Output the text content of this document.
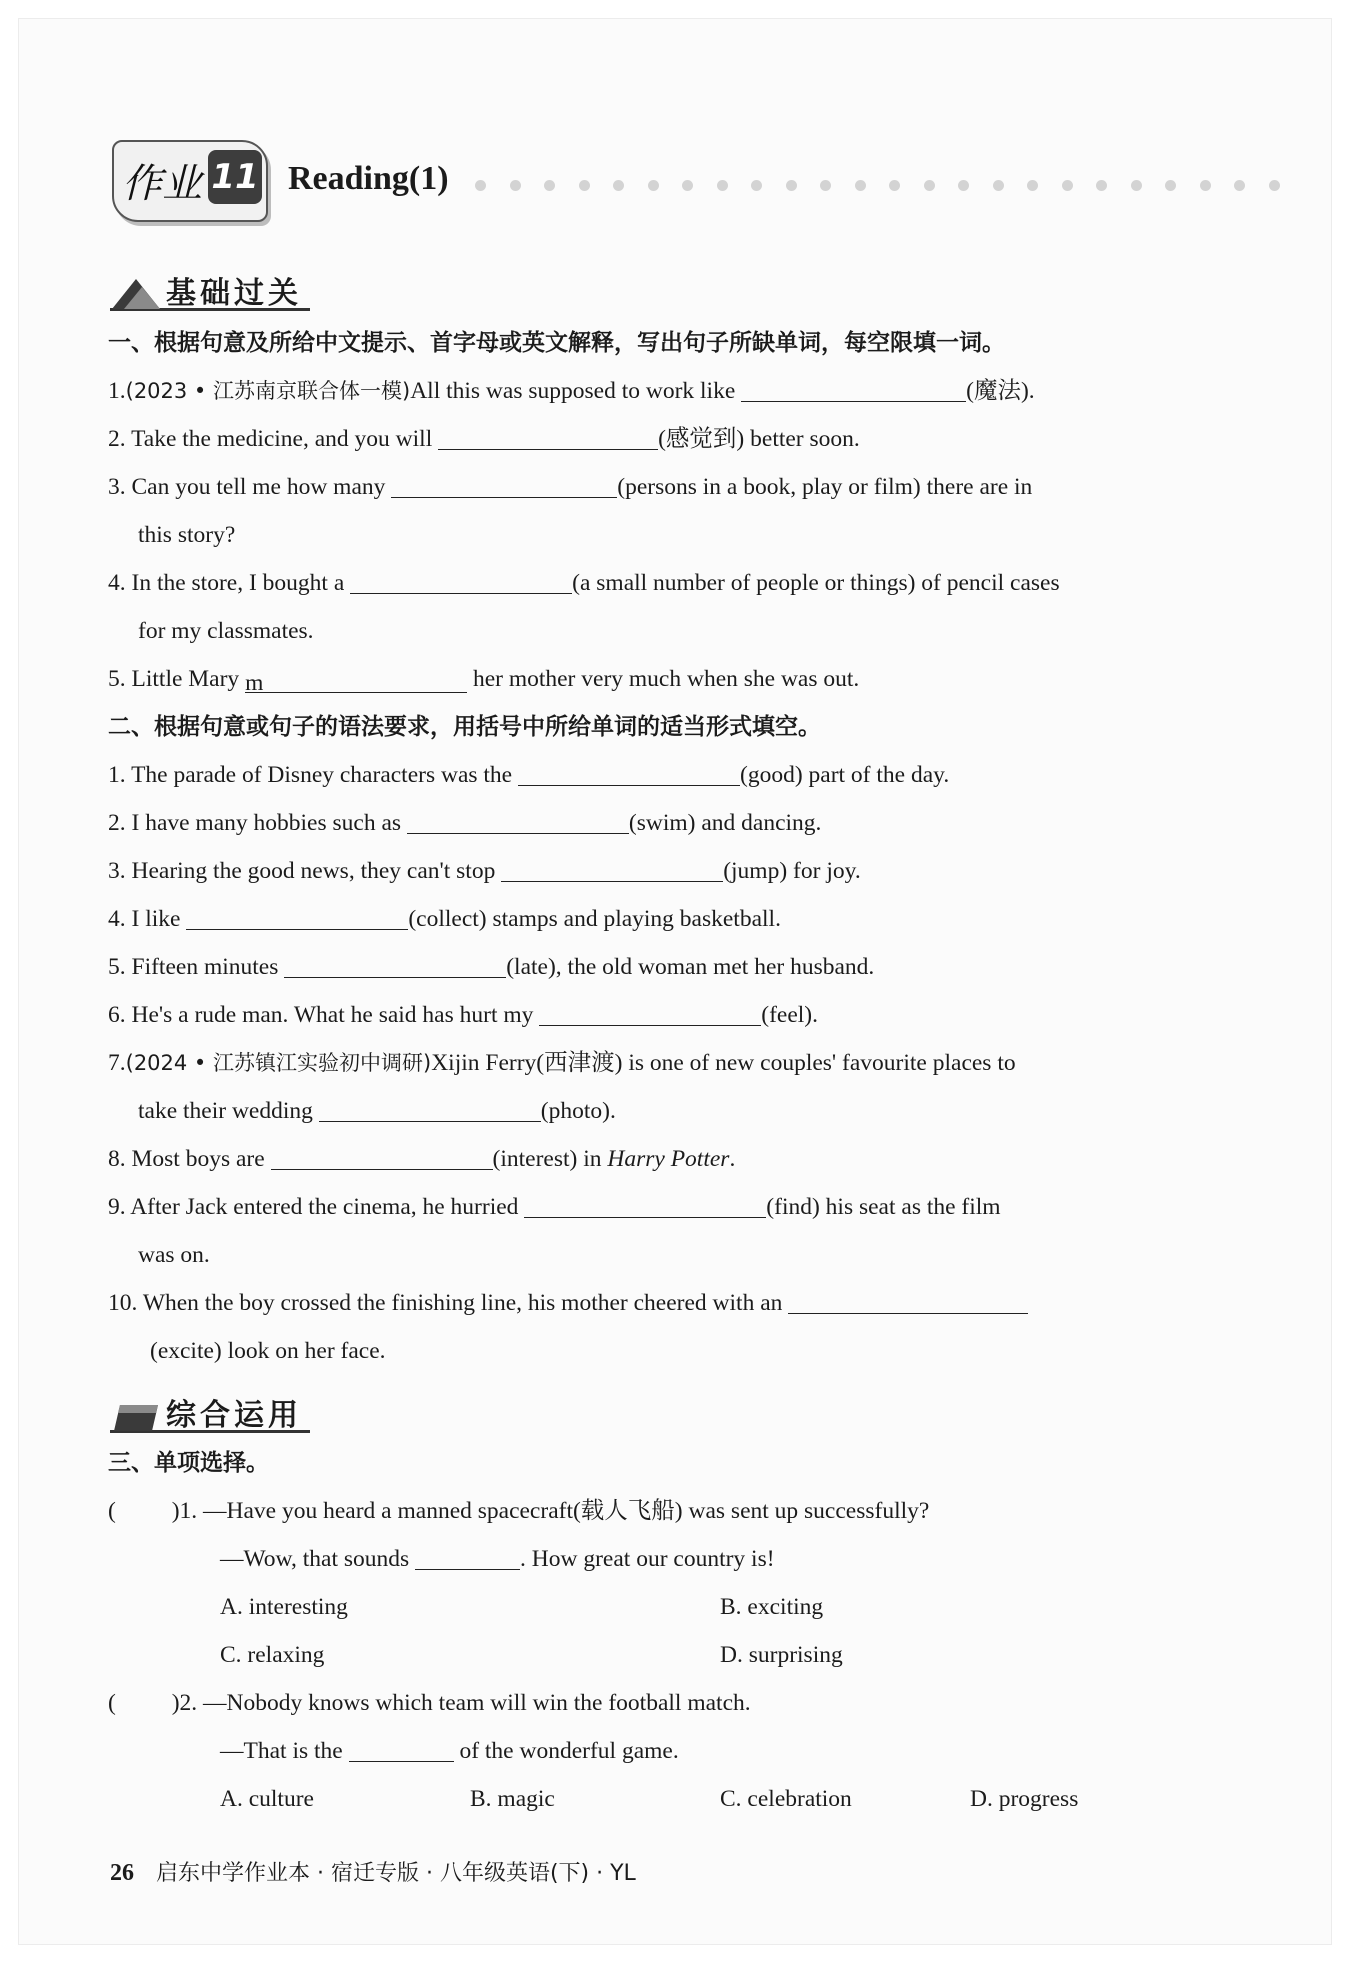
作业 11 Reading(1)
基础过关
一、根据句意及所给中文提示、首字母或英文解释，写出句子所缺单词，每空限填一词。
1.(2023 • 江苏南京联合体一模)All this was supposed to work like	(魔法).
2. Take the medicine, and you will	(感觉到) better soon.
3. Can you tell me how many	(persons in a book, play or film) there are in
this story?
4. In the store, I bought a	(a small number of people or things) of pencil cases
for my classmates.
5. Little Mary m	her mother very much when she was out.
二、根据句意或句子的语法要求，用括号中所给单词的适当形式填空。
1. The parade of Disney characters was the	(good) part of the day.
2. I have many hobbies such as	(swim) and dancing.
3. Hearing the good news, they can't stop	(jump) for joy.
4. I like	(collect) stamps and playing basketball.
5. Fifteen minutes	(late), the old woman met her husband.
6. He's a rude man. What he said has hurt my	(feel).
7.(2024 • 江苏镇江实验初中调研)Xijin Ferry(西津渡) is one of new couples' favourite places to
take their wedding	(photo).
8. Most boys are	(interest) in Harry Potter.
9. After Jack entered the cinema, he hurried	(find) his seat as the film
was on.
10. When the boy crossed the finishing line, his mother cheered with an
(excite) look on her face.
综合运用
三、单项选择。
( )1. —Have you heard a manned spacecraft(载人飞船) was sent up successfully?
—Wow, that sounds	. How great our country is!
A. interesting	B. exciting
C. relaxing	D. surprising
( )2. —Nobody knows which team will win the football match.
—That is the	of the wonderful game.
A. culture	B. magic	C. celebration	D. progress
26 启东中学作业本 · 宿迁专版 · 八年级英语(下) · YL
